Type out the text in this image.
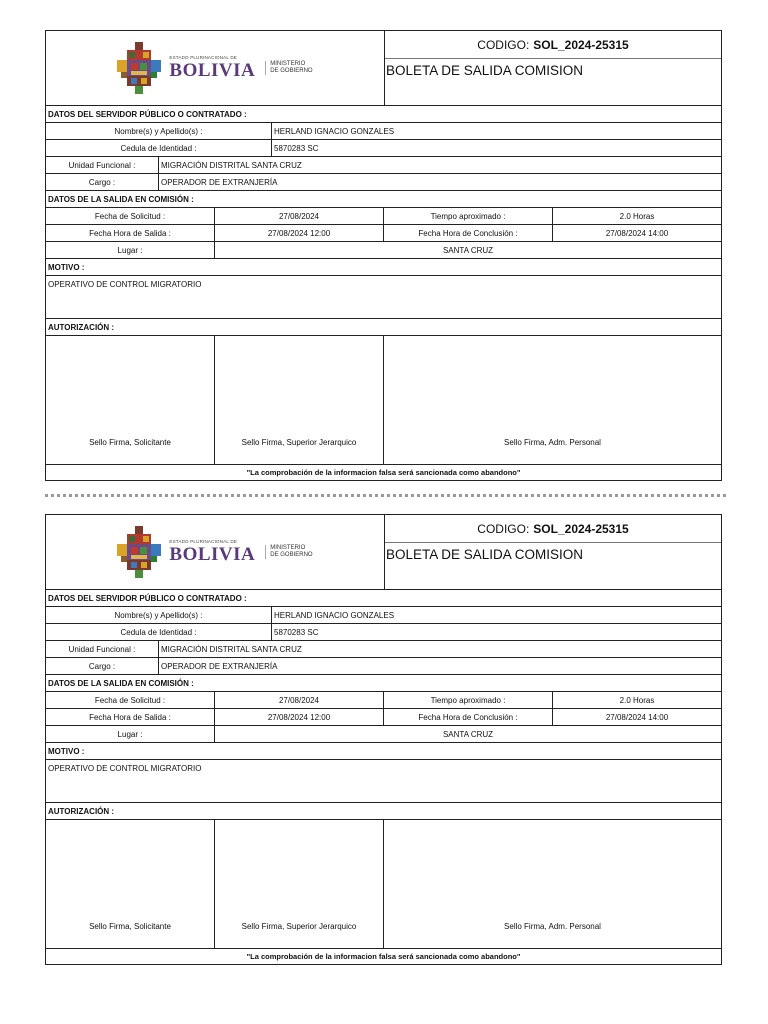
ESTADO PLURINACIONAL DE
BOLIVIA	MINISTERIO
DE GOBIERNO
CODIGO: SOL_2024-25315
BOLETA DE SALIDA COMISION
DATOS DEL SERVIDOR PÚBLICO O CONTRATADO :
Nombre(s) y Apellido(s) :	HERLAND IGNACIO GONZALES
Cedula de Identidad :	5870283 SC
Unidad Funcional :	MIGRACIÓN DISTRITAL SANTA CRUZ
Cargo :	OPERADOR DE EXTRANJERÍA
DATOS DE LA SALIDA EN COMISIÓN :
Fecha de Solicitud :	27/08/2024	Tiempo aproximado :	2.0 Horas
Fecha Hora de Salida :	27/08/2024 12:00	Fecha Hora de Conclusión :	27/08/2024 14:00
Lugar :	SANTA CRUZ
MOTIVO :
OPERATIVO DE CONTROL MIGRATORIO
AUTORIZACIÓN :
Sello Firma, Solicitante	Sello Firma, Superior Jerarquico	Sello Firma, Adm. Personal
"La comprobación de la informacion falsa será sancionada como abandono"
ESTADO PLURINACIONAL DE
BOLIVIA	MINISTERIO
DE GOBIERNO
CODIGO: SOL_2024-25315
BOLETA DE SALIDA COMISION
DATOS DEL SERVIDOR PÚBLICO O CONTRATADO :
Nombre(s) y Apellido(s) :	HERLAND IGNACIO GONZALES
Cedula de Identidad :	5870283 SC
Unidad Funcional :	MIGRACIÓN DISTRITAL SANTA CRUZ
Cargo :	OPERADOR DE EXTRANJERÍA
DATOS DE LA SALIDA EN COMISIÓN :
Fecha de Solicitud :	27/08/2024	Tiempo aproximado :	2.0 Horas
Fecha Hora de Salida :	27/08/2024 12:00	Fecha Hora de Conclusión :	27/08/2024 14:00
Lugar :	SANTA CRUZ
MOTIVO :
OPERATIVO DE CONTROL MIGRATORIO
AUTORIZACIÓN :
Sello Firma, Solicitante	Sello Firma, Superior Jerarquico	Sello Firma, Adm. Personal
"La comprobación de la informacion falsa será sancionada como abandono"
